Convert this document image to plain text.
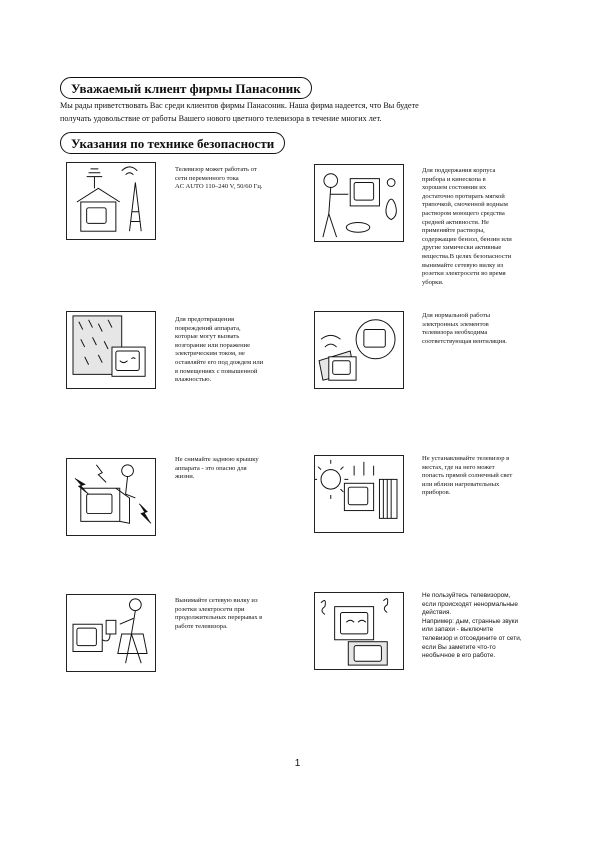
Уважаемый клиент фирмы Панасоник
Мы рады приветствовать Вас среди клиентов фирмы Панасоник. Наша фирма надеется, что Вы будете
получать удовольствие от работы Вашего нового цветного телевизора в течение многих лет.
Указания по технике безопасности
Телевизор может работать от
сети переменного тока
AC AUTO 110–240 V, 50/60 Гц.
Для поддержания корпуса
прибора и кинескопа в
хорошем состоянии их
достаточно протирать мягкой
тряпочкой, смоченной водным
раствором моющего средства
средней активности. Не
применяйте растворы,
содержащие бензол, бензин или
другие химически активные
вещества.В целях безопасности
вынимайте сетевую вилку из
розетки электросети во время
уборки.
Для предотвращения
повреждений аппарата,
которые могут вызвать
возгорание или поражение
электрическим током, не
оставляйте его под дождем или
в помещениях с повышенной
влажностью.
Для нормальной работы
электронных элементов
телевизора необходима
соответствующая вентиляция.
Не снимайте заднюю крышку
аппарата - это опасно для
жизни.
Не устанавливайте телевизор в
местах, где на него может
попасть прямой солнечный свет
или вблизи нагревательных
приборов.
Вынимайте сетевую вилку из
розетки электросети при
продолжительных перерывах в
работе телевизора.
Не пользуйтесь телевизором,
если происходят ненормальные
действия.
Например: дым, странные звуки
или запахи - выключите
телевизор и отсоедините от сети,
если Вы заметите что-то
необычное в его работе.
1
